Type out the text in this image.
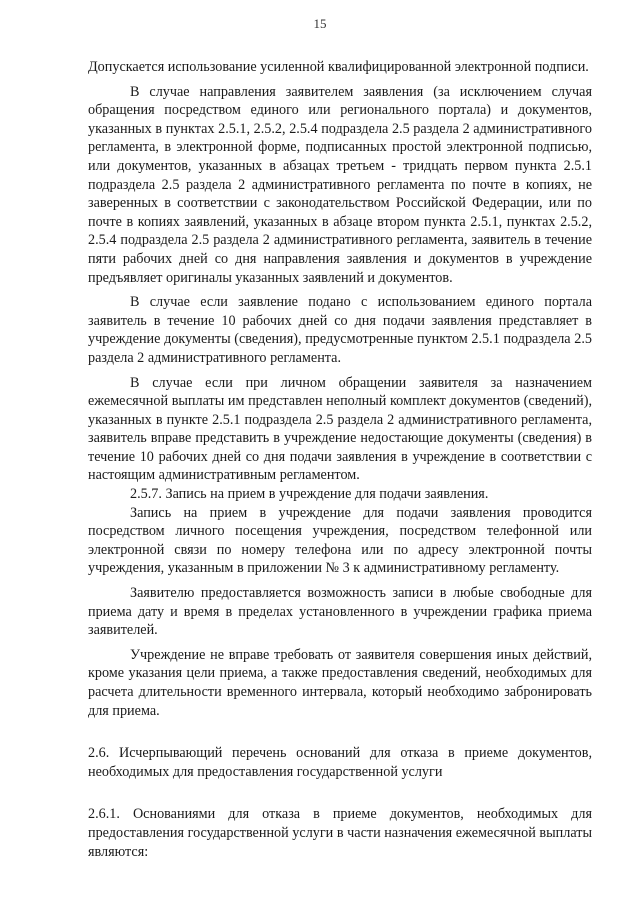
15

Допускается использование усиленной квалифицированной электронной подписи.

В случае направления заявителем заявления (за исключением случая обращения посредством единого или регионального портала) и документов, указанных в пунктах 2.5.1, 2.5.2, 2.5.4 подраздела 2.5 раздела 2 административного регламента, в электронной форме, подписанных простой электронной подписью, или документов, указанных в абзацах третьем - тридцать первом пункта 2.5.1 подраздела 2.5 раздела 2 административного регламента по почте в копиях, не заверенных в соответствии с законодательством Российской Федерации, или по почте в копиях заявлений, указанных в абзаце втором пункта 2.5.1, пунктах 2.5.2, 2.5.4 подраздела 2.5 раздела 2 административного регламента, заявитель в течение пяти рабочих дней со дня направления заявления и документов в учреждение предъявляет оригиналы указанных заявлений и документов.

В случае если заявление подано с использованием единого портала заявитель в течение 10 рабочих дней со дня подачи заявления представляет в учреждение документы (сведения), предусмотренные пунктом 2.5.1 подраздела 2.5 раздела 2 административного регламента.

В случае если при личном обращении заявителя за назначением ежемесячной выплаты им представлен неполный комплект документов (сведений), указанных в пункте 2.5.1 подраздела 2.5 раздела 2 административного регламента, заявитель вправе представить в учреждение недостающие документы (сведения) в течение 10 рабочих дней со дня подачи заявления в учреждение в соответствии с настоящим административным регламентом.

2.5.7. Запись на прием в учреждение для подачи заявления.

Запись на прием в учреждение для подачи заявления проводится посредством личного посещения учреждения, посредством телефонной или электронной связи по номеру телефона или по адресу электронной почты учреждения, указанным в приложении № 3 к административному регламенту.

Заявителю предоставляется возможность записи в любые свободные для приема дату и время в пределах установленного в учреждении графика приема заявителей.

Учреждение не вправе требовать от заявителя совершения иных действий, кроме указания цели приема, а также предоставления сведений, необходимых для расчета длительности временного интервала, который необходимо забронировать для приема.

2.6. Исчерпывающий перечень оснований для отказа в приеме документов, необходимых для предоставления государственной услуги

2.6.1. Основаниями для отказа в приеме документов, необходимых для предоставления государственной услуги в части назначения ежемесячной выплаты являются:
